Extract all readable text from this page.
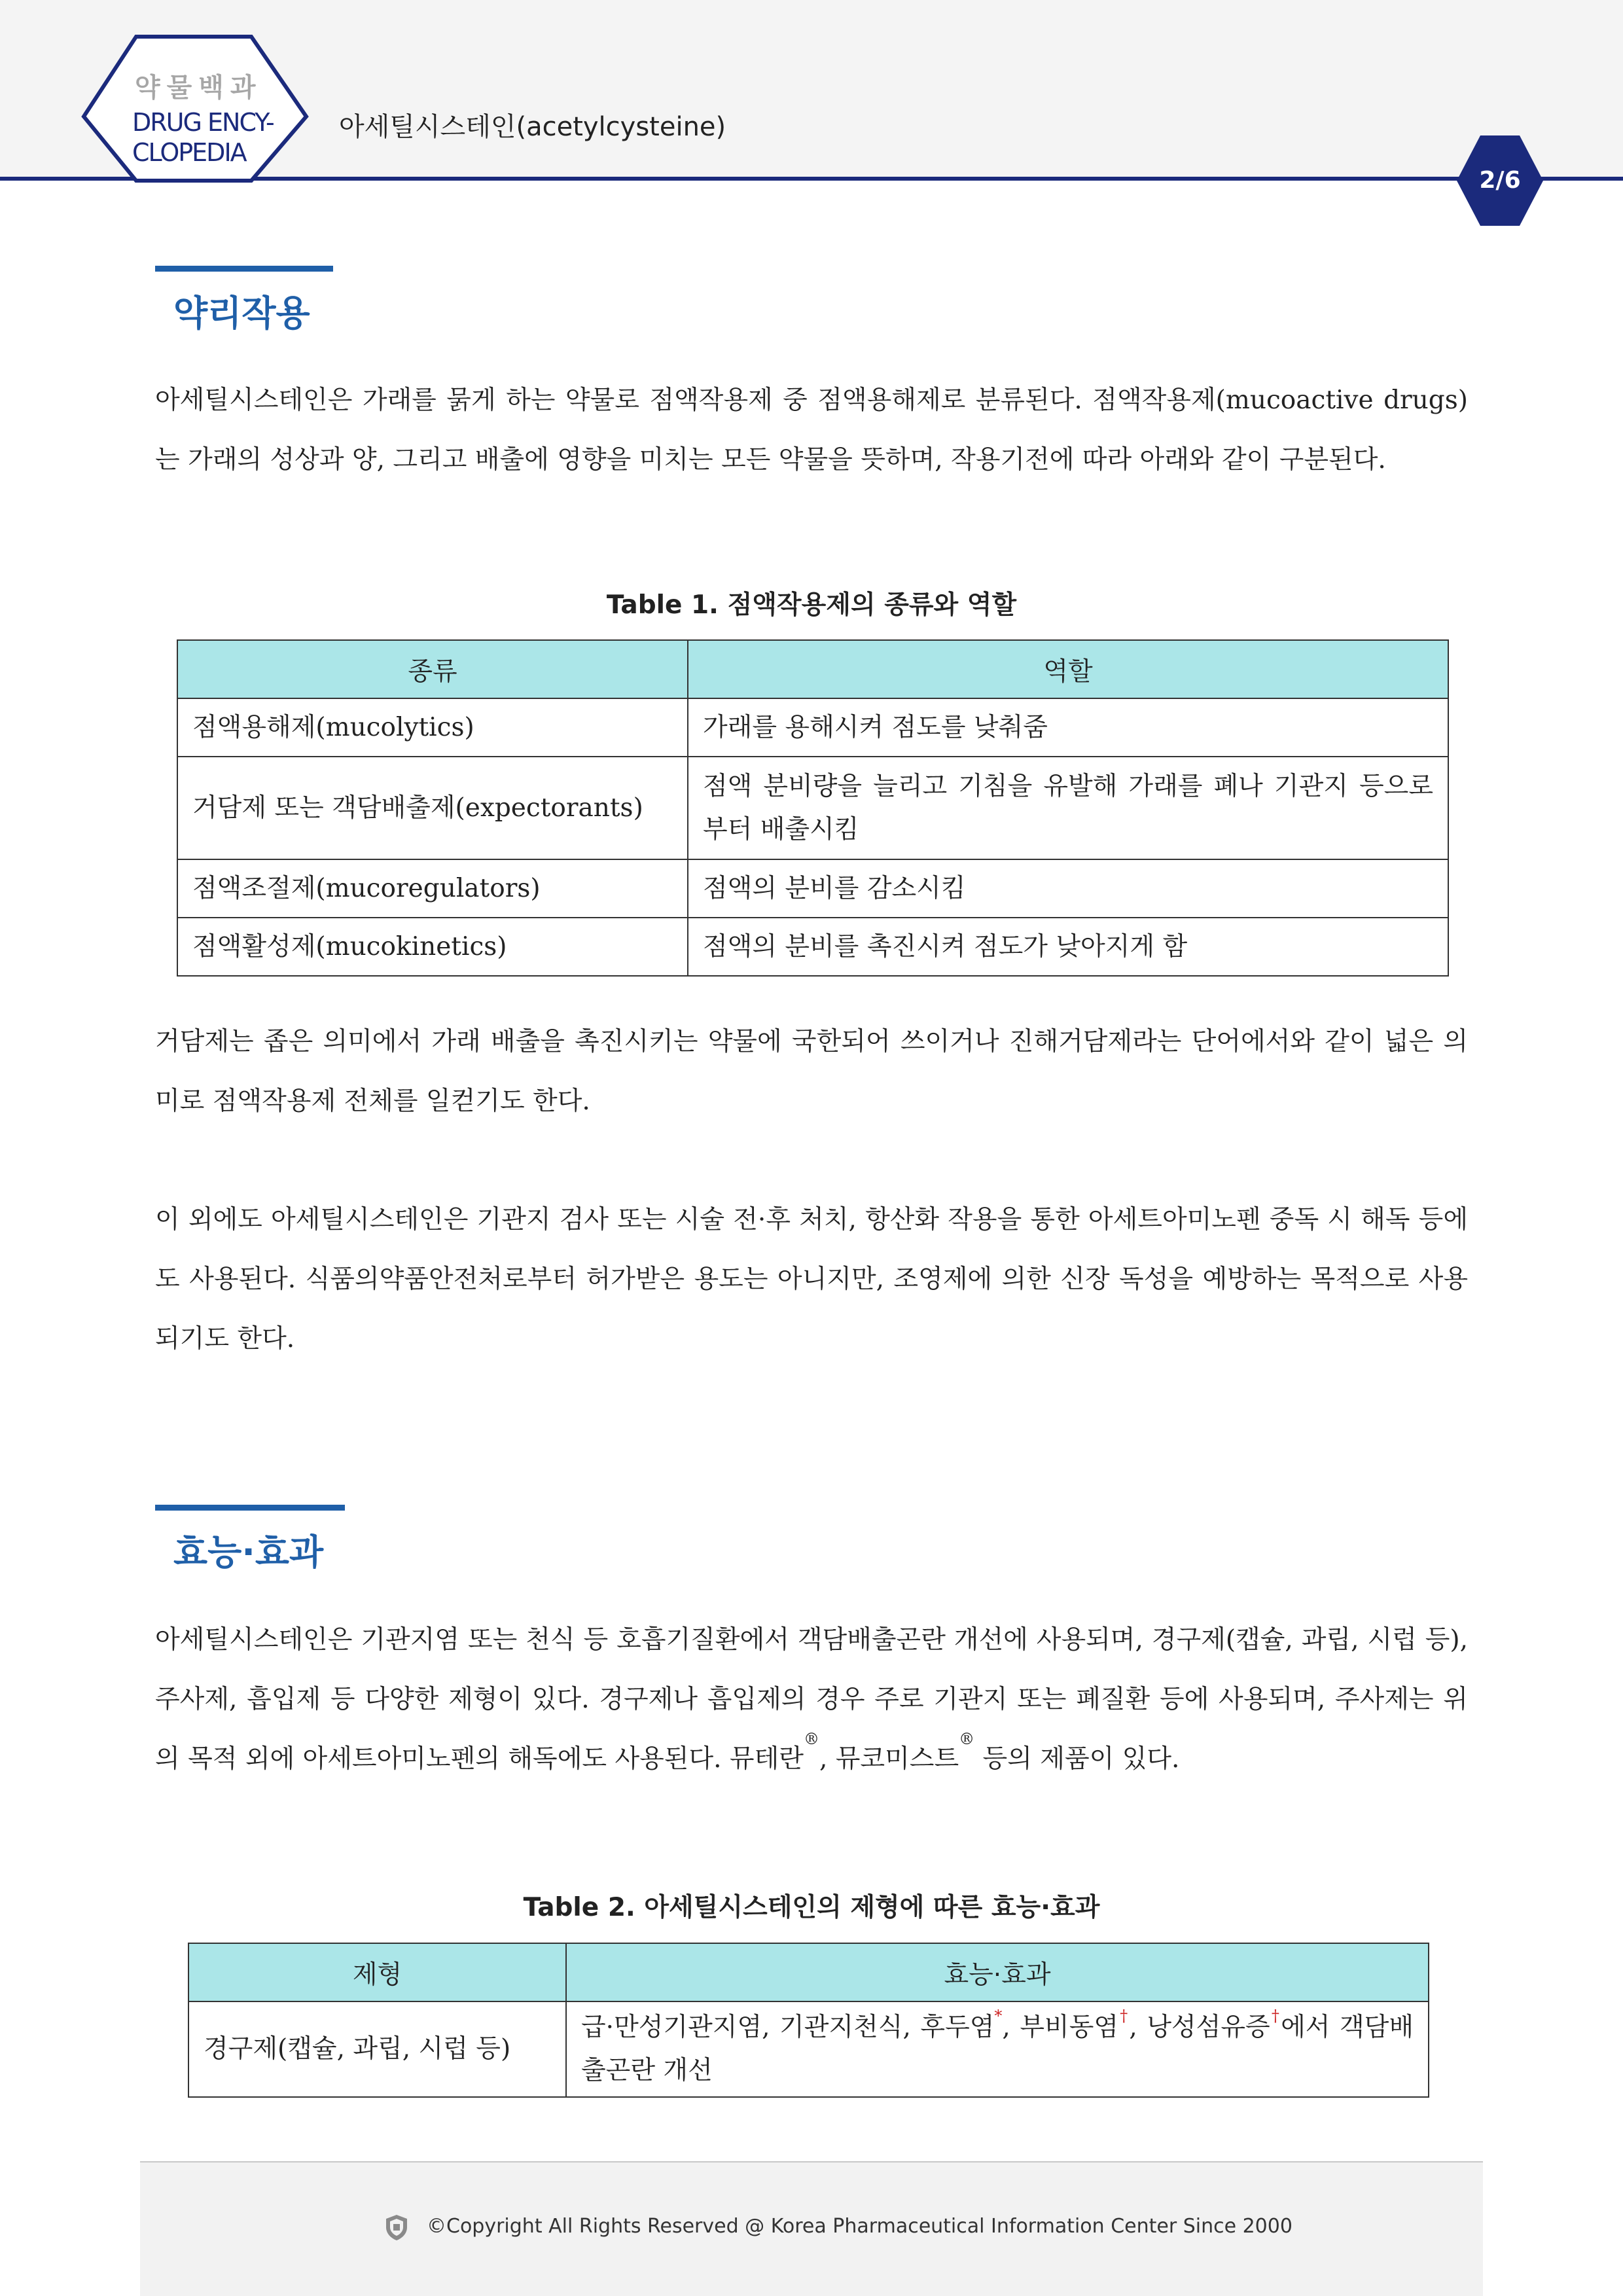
약물백과
DRUG ENCY-
CLOPEDIA
아세틸시스테인(acetylcysteine)
2/6
약리작용

아세틸시스테인은 가래를 묽게 하는 약물로 점액작용제 중 점액용해제로 분류된다. 점액작용제(mucoactive drugs)는 가래의 성상과 양, 그리고 배출에 영향을 미치는 모든 약물을 뜻하며, 작용기전에 따라 아래와 같이 구분된다.

Table 1. 점액작용제의 종류와 역할
종류	역할
점액용해제(mucolytics)	가래를 용해시켜 점도를 낮춰줌
거담제 또는 객담배출제(expectorants)	점액 분비량을 늘리고 기침을 유발해 가래를 폐나 기관지 등으로부터 배출시킴
점액조절제(mucoregulators)	점액의 분비를 감소시킴
점액활성제(mucokinetics)	점액의 분비를 촉진시켜 점도가 낮아지게 함

거담제는 좁은 의미에서 가래 배출을 촉진시키는 약물에 국한되어 쓰이거나 진해거담제라는 단어에서와 같이 넓은 의미로 점액작용제 전체를 일컫기도 한다.

이 외에도 아세틸시스테인은 기관지 검사 또는 시술 전·후 처치, 항산화 작용을 통한 아세트아미노펜 중독 시 해독 등에도 사용된다. 식품의약품안전처로부터 허가받은 용도는 아니지만, 조영제에 의한 신장 독성을 예방하는 목적으로 사용되기도 한다.

효능·효과

아세틸시스테인은 기관지염 또는 천식 등 호흡기질환에서 객담배출곤란 개선에 사용되며, 경구제(캡슐, 과립, 시럽 등), 주사제, 흡입제 등 다양한 제형이 있다. 경구제나 흡입제의 경우 주로 기관지 또는 폐질환 등에 사용되며, 주사제는 위의 목적 외에 아세트아미노펜의 해독에도 사용된다. 뮤테란®, 뮤코미스트® 등의 제품이 있다.

Table 2. 아세틸시스테인의 제형에 따른 효능·효과
제형	효능·효과
경구제(캡슐, 과립, 시럽 등)	급·만성기관지염, 기관지천식, 후두염*, 부비동염†, 낭성섬유증†에서 객담배출곤란 개선
©Copyright All Rights Reserved @ Korea Pharmaceutical Information Center Since 2000
